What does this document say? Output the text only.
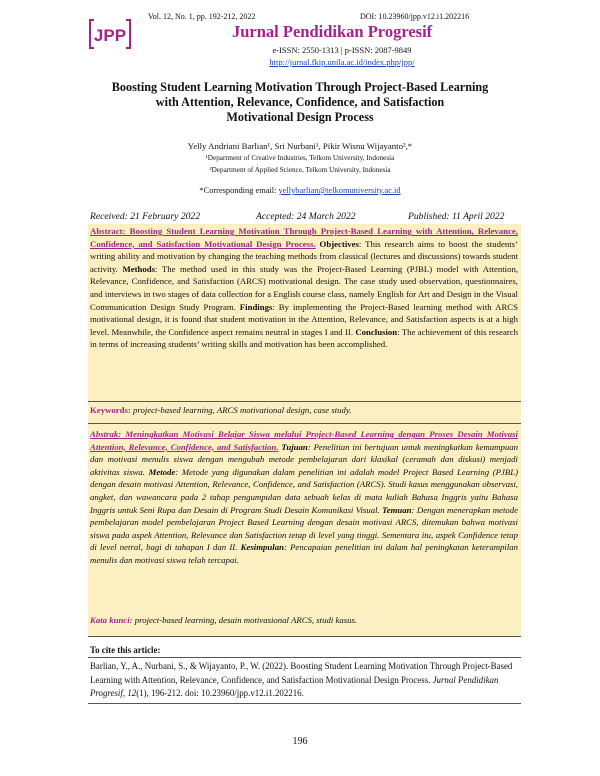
Vol. 12, No. 1, pp. 192-212, 2022	DOI: 10.23960/jpp.v12.i1.202216
JPP	Jurnal Pendidikan Progresif
e-ISSN: 2550-1313 | p-ISSN: 2087-9849
http://jurnal.fkip.unila.ac.id/index.php/jpp/
Boosting Student Learning Motivation Through Project-Based Learning
with Attention, Relevance, Confidence, and Satisfaction
Motivational Design Process
Yelly Andriani Barlian¹, Sri Nurbani¹, Pikir Wisnu Wijayanto²,*
¹Department of Creative Industries, Telkom University, Indonesia
²Department of Applied Science, Telkom University, Indonesia
*Corresponding email: yellybarlian@telkomuniversity.ac.id
Received: 21 February 2022	Accepted: 24 March 2022	Published: 11 April 2022
Abstract: Boosting Student Learning Motivation Through Project-Based Learning with Attention, Relevance, Confidence, and Satisfaction Motivational Design Process. Objectives: This research aims to boost the students’ writing ability and motivation by changing the teaching methods from classical (lectures and discussions) towards student activity. Methods: The method used in this study was the Project-Based Learning (PJBL) model with Attention, Relevance, Confidence, and Satisfaction (ARCS) motivational design. The case study used observation, questionnaires, and interviews in two stages of data collection for a English course class, namely English for Art and Design in the Visual Communication Design Study Program. Findings: By implementing the Project-Based learning method with ARCS motivational design, it is found that student motivation in the Attention, Relevance, and Satisfaction aspects is at a high level. Meanwhile, the Confidence aspect remains neutral in stages I and II. Conclusion: The achievement of this research in terms of increasing students’ writing skills and motivation has been accomplished.
Keywords: project-based learning, ARCS motivational design, case study.
Abstrak: Meningkatkan Motivasi Belajar Siswa melalui Project-Based Learning dengan Proses Desain Motivasi Attention, Relevance, Confidence, and Satisfaction. Tujuan: Penelitian ini bertujuan untuk meningkatkan kemampuan dan motivasi menulis siswa dengan mengubah metode pembelajaran dari klasikal (ceramah dan diskusi) menjadi aktivitas siswa. Metode: Metode yang digunakan dalam penelitian ini adalah model Project Based Learning (PJBL) dengan desain motivasi Attention, Relevance, Confidence, and Satisfaction (ARCS). Studi kasus menggunakan observasi, angket, dan wawancara pada 2 tahap pengumpulan data sebuah kelas di mata kuliah Bahasa Inggris yaitu Bahasa Inggris untuk Seni Rupa dan Desain di Program Studi Desain Komunikasi Visual. Temuan: Dengan menerapkan metode pembelajaran model pembelajaran Project Based Learning dengan desain motivasi ARCS, ditemukan bahwa motivasi siswa pada aspek Attention, Relevance dan Satisfaction tetap di level yang tinggi. Sementara itu, aspek Confidence tetap di level netral, bagi di tahapan I dan II. Kesimpulan: Pencapaian penelitian ini dalam hal peningkatan keterampilan menulis dan motivasi siswa telah tercapai.
Kata kunci: project-based learning, desain motivasional ARCS, studi kasus.
To cite this article:
Barlian, Y., A., Nurbani, S., & Wijayanto, P., W. (2022). Boosting Student Learning Motivation Through Project-Based Learning with Attention, Relevance, Confidence, and Satisfaction Motivational Design Process. Jurnal Pendidikan Progresif, 12(1), 196-212. doi: 10.23960/jpp.v12.i1.202216.
196
